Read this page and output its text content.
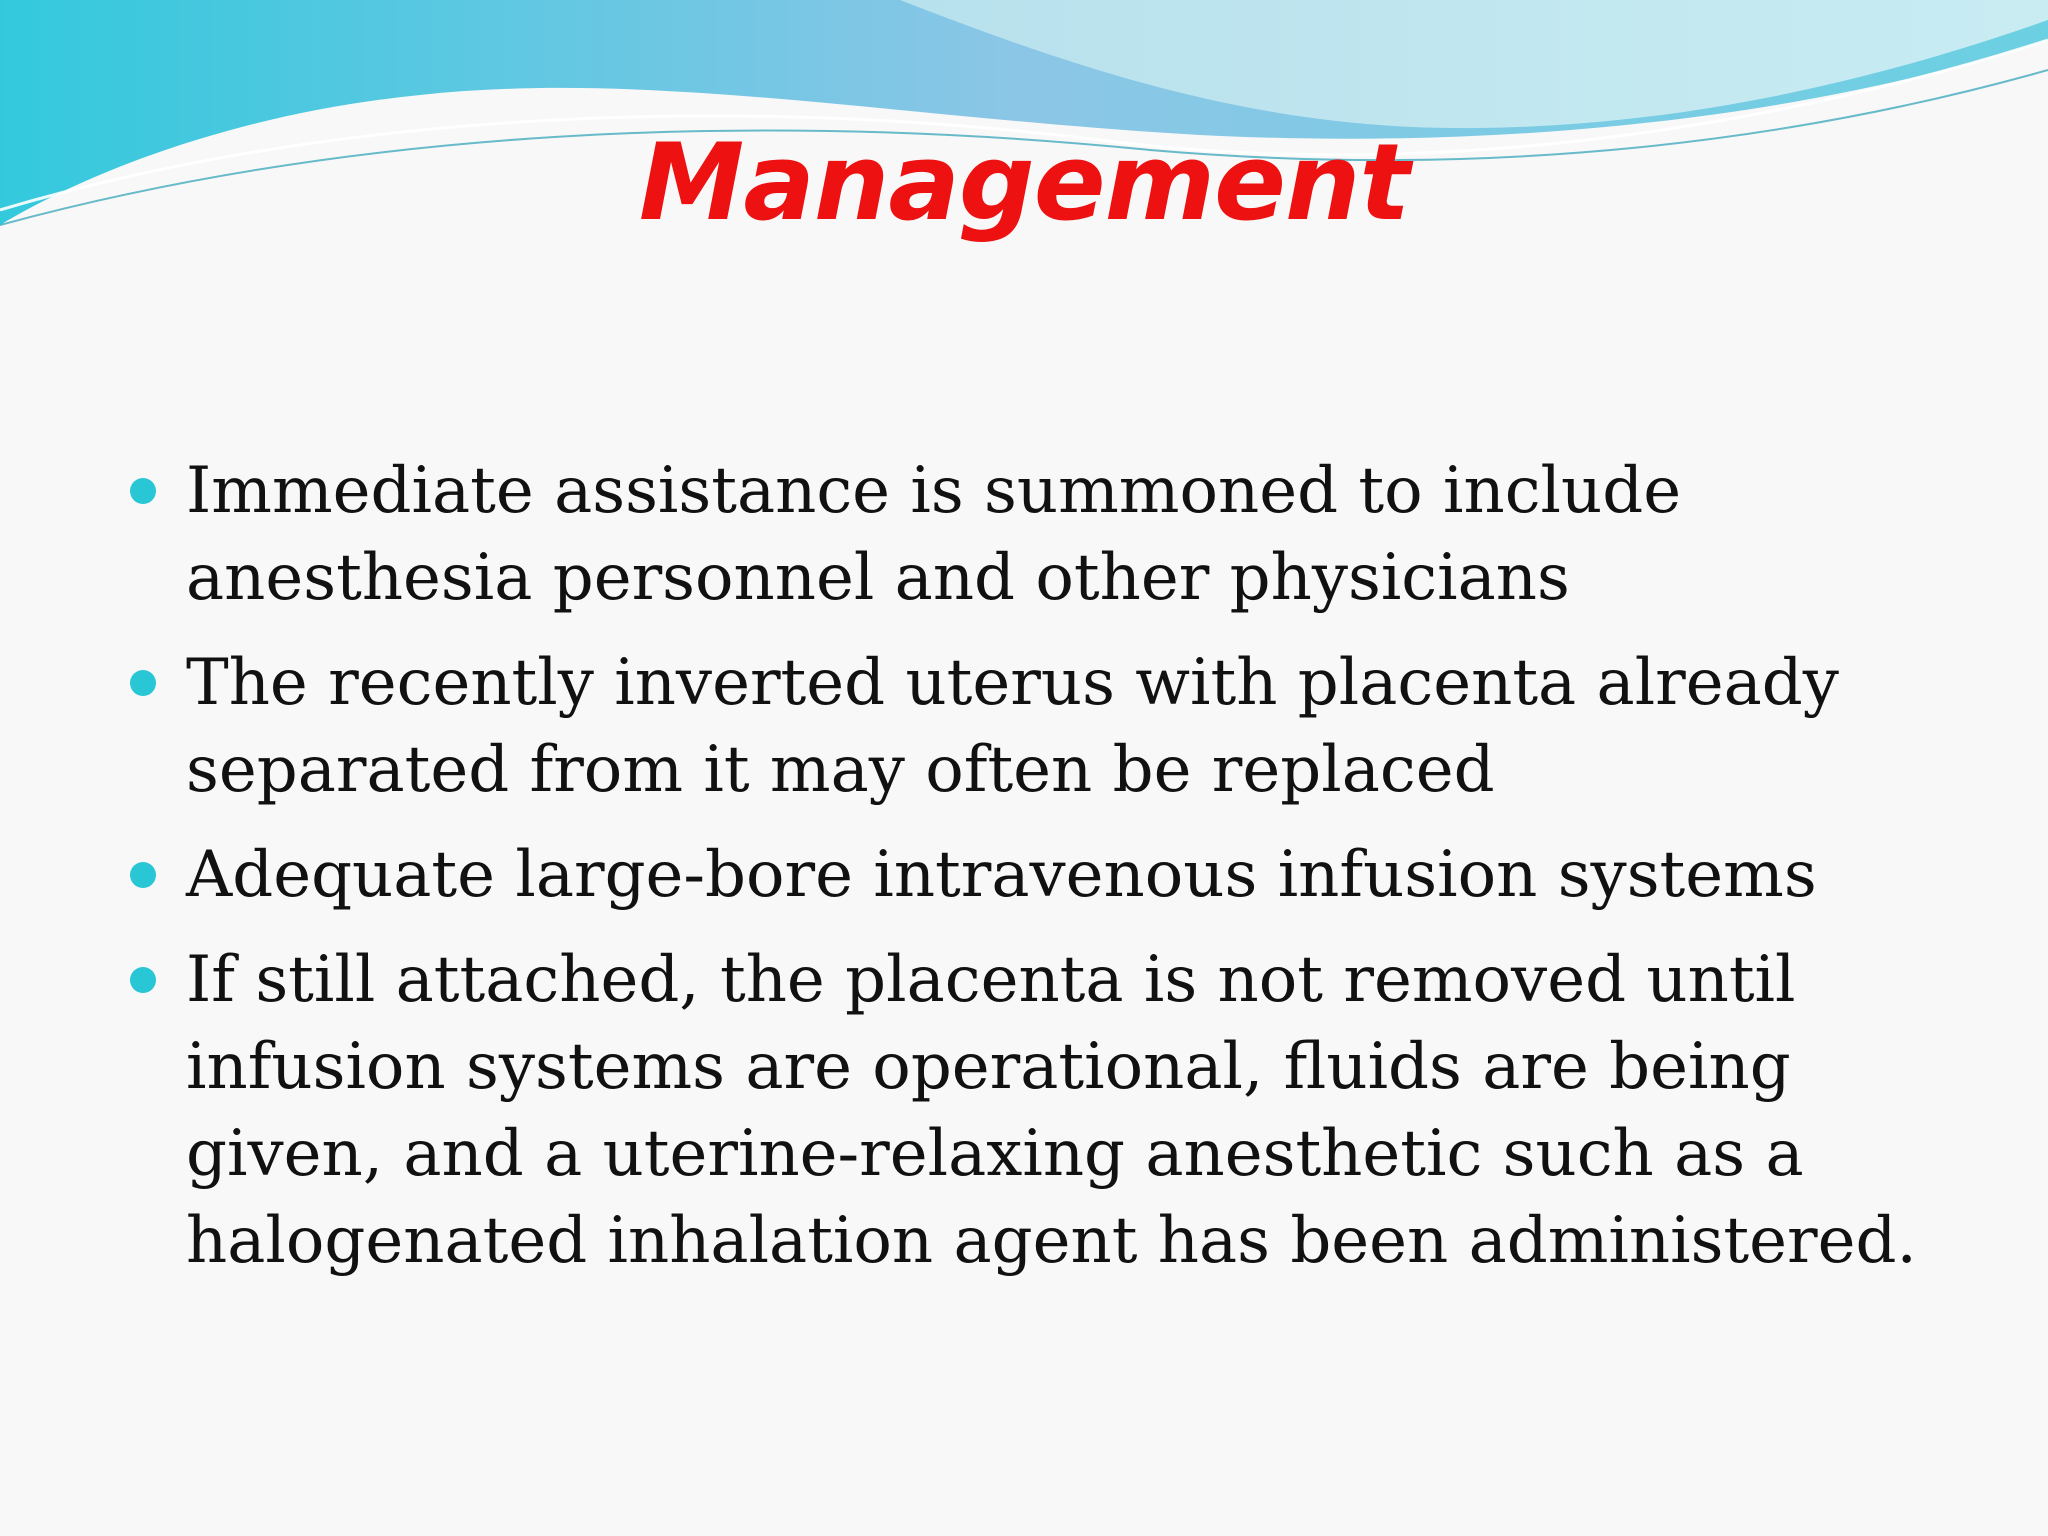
Management
Immediate assistance is summoned to include anesthesia personnel and other physicians
The recently inverted uterus with placenta already separated from it may often be replaced
Adequate large-bore intravenous infusion systems
If still attached, the placenta is not removed until infusion systems are operational, fluids are being given, and a uterine-relaxing anesthetic such as a halogenated inhalation agent has been administered.
